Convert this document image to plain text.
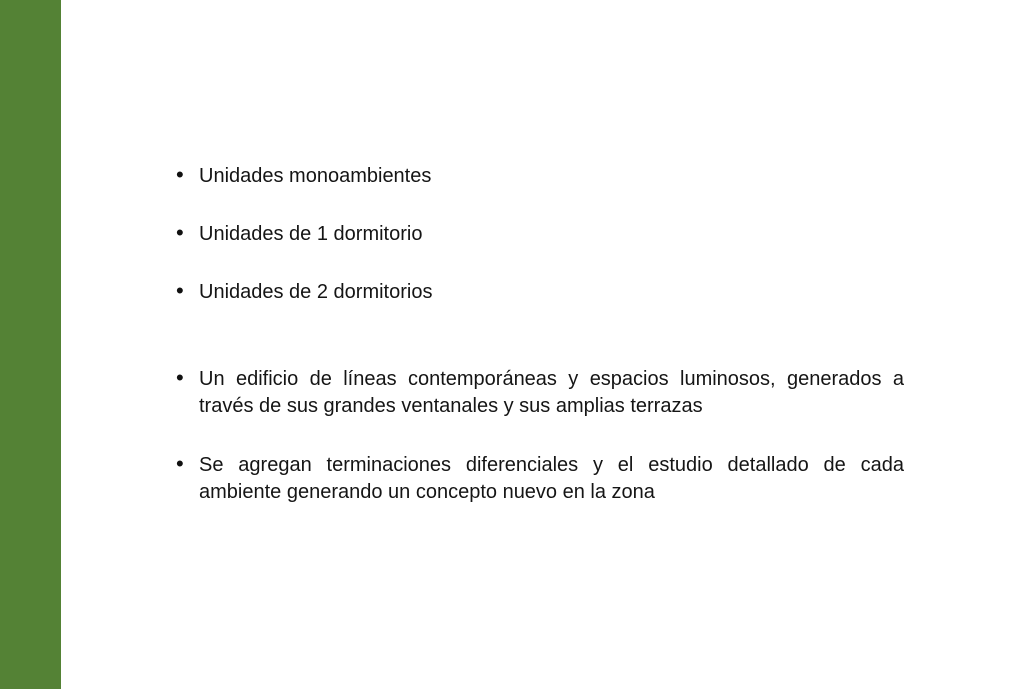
• Unidades monoambientes
• Unidades de 1 dormitorio
• Unidades de 2 dormitorios
• Un edificio de líneas contemporáneas y espacios luminosos, generados a través de sus grandes ventanales y sus amplias terrazas
• Se agregan terminaciones diferenciales y el estudio detallado de cada ambiente generando un concepto nuevo en la zona
